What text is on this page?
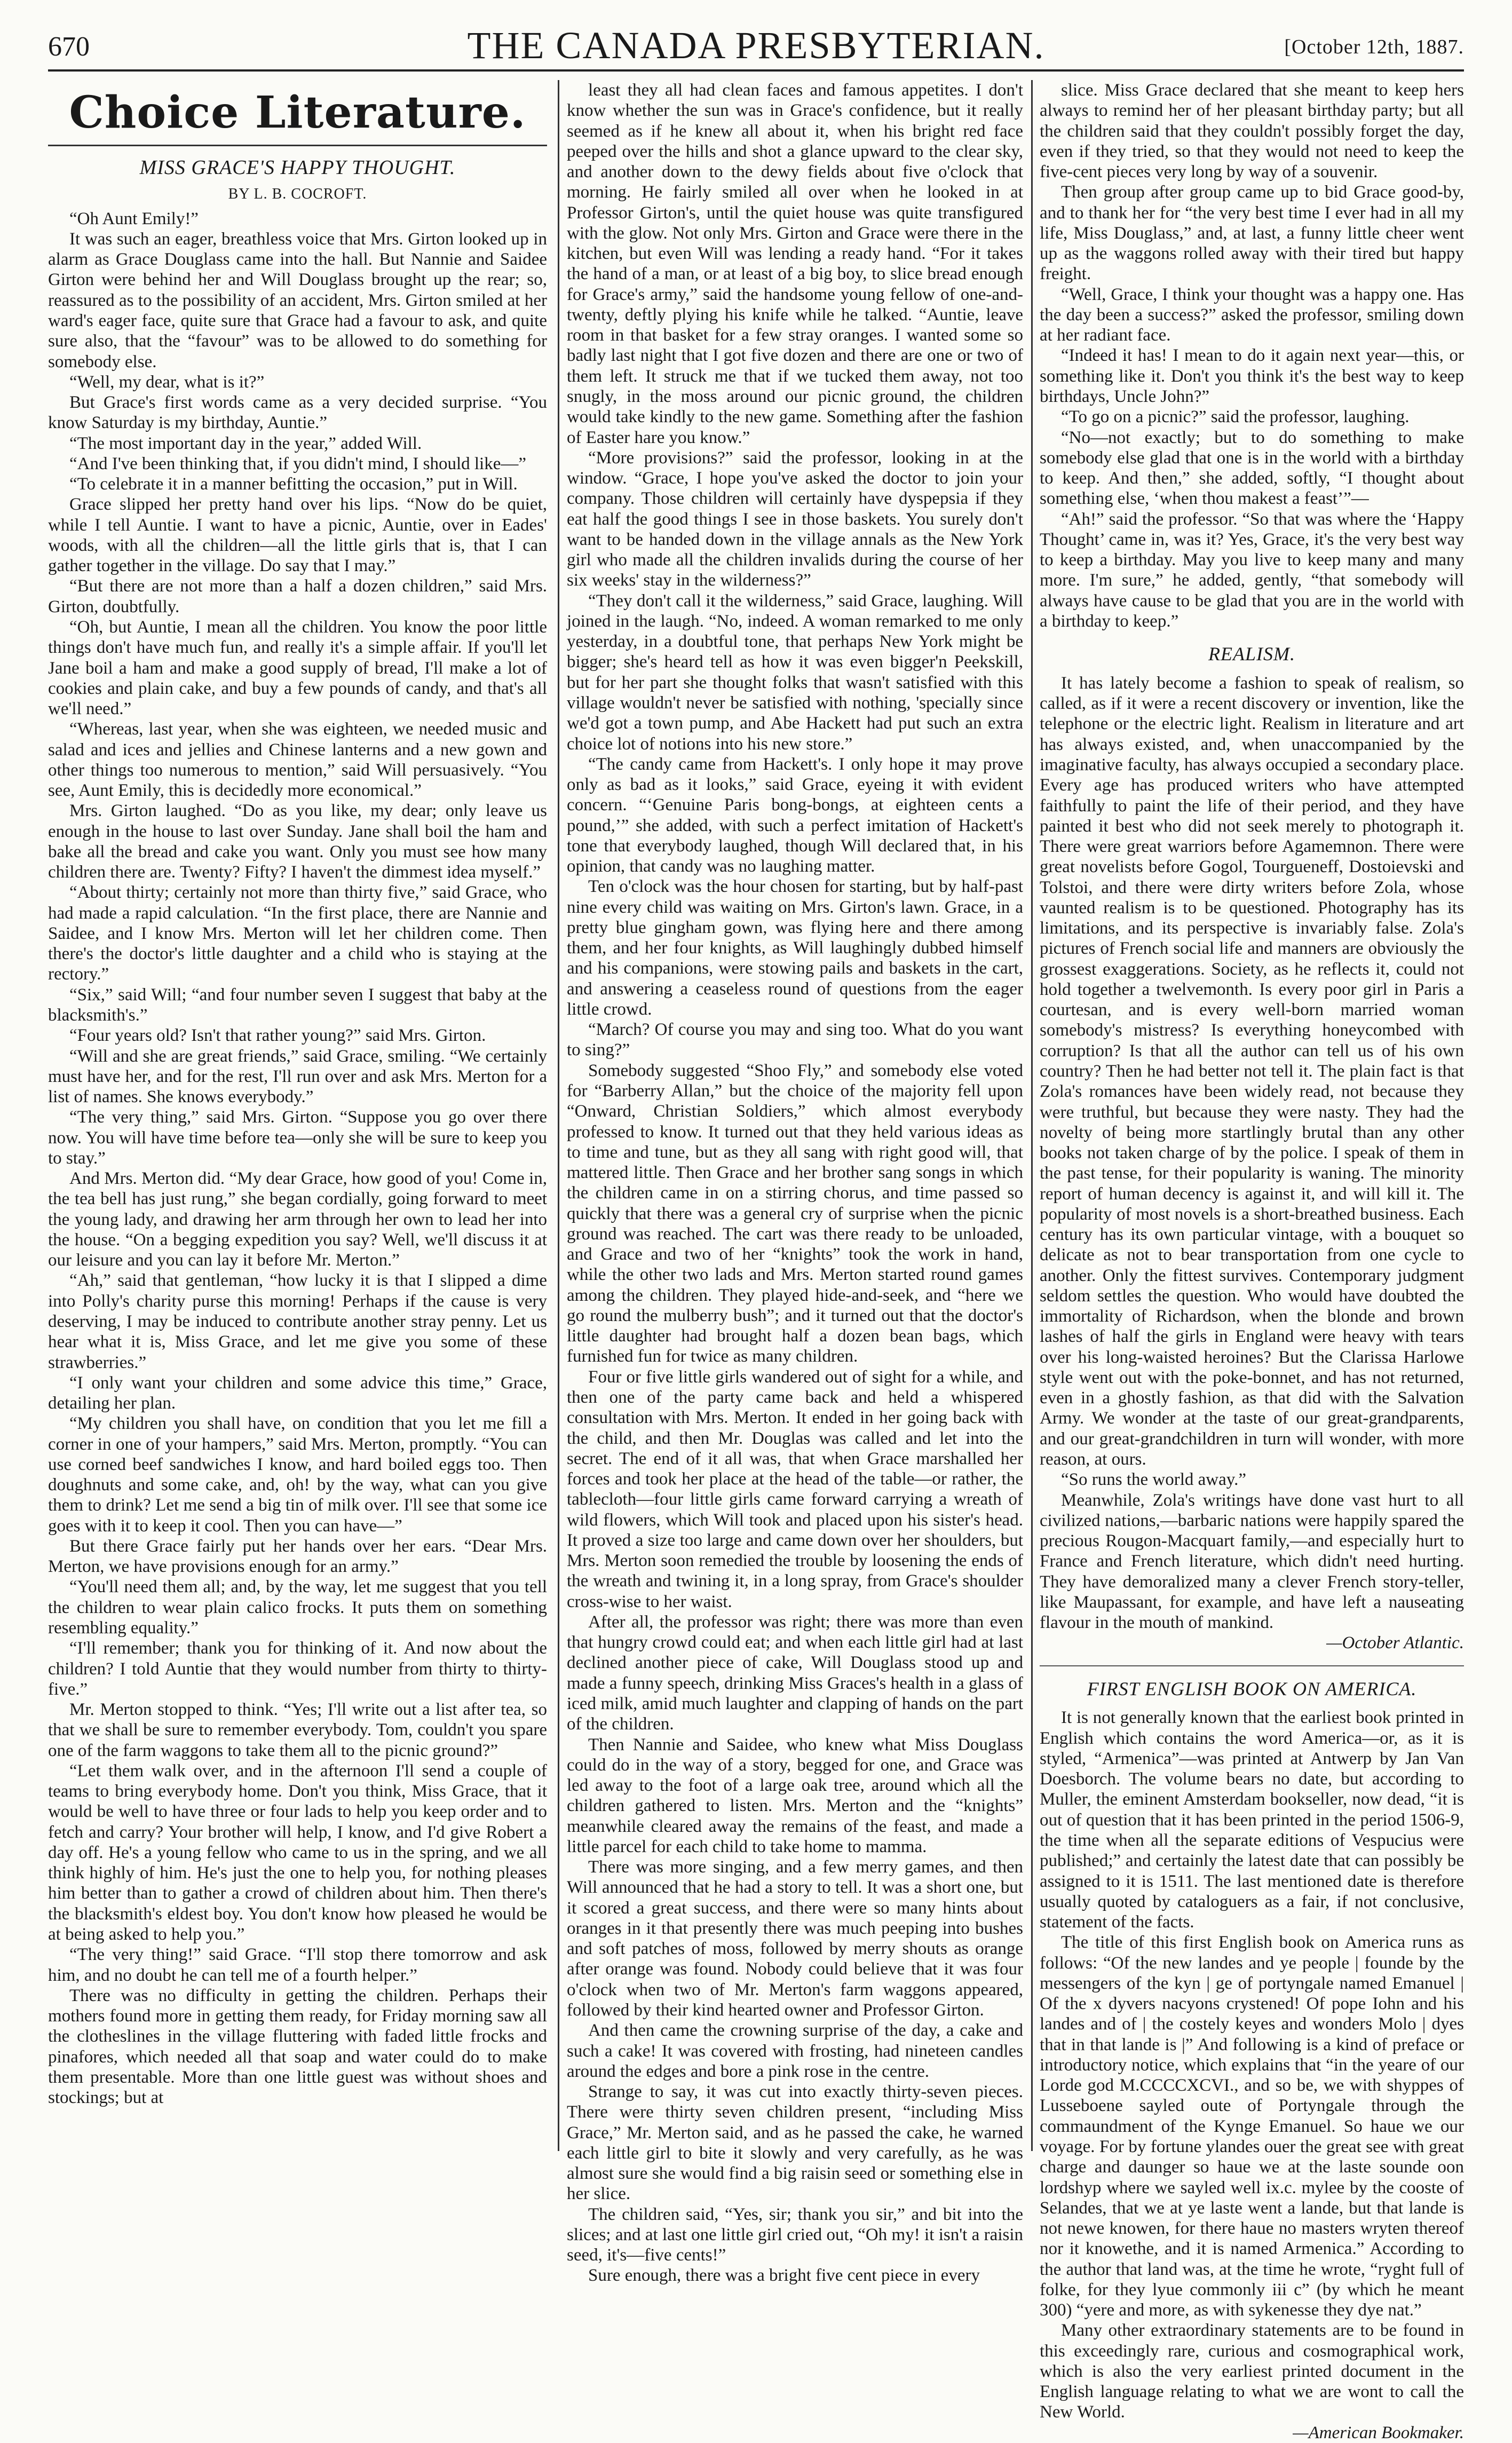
670	THE CANADA PRESBYTERIAN.	[October 12th, 1887.
Choice Literature.
MISS GRACE'S HAPPY THOUGHT.
BY L. B. COCROFT.

“Oh Aunt Emily!”

It was such an eager, breathless voice that Mrs. Girton looked up in alarm as Grace Douglass came into the hall. But Nannie and Saidee Girton were behind her and Will Douglass brought up the rear; so, reassured as to the possibility of an accident, Mrs. Girton smiled at her ward's eager face, quite sure that Grace had a favour to ask, and quite sure also, that the “favour” was to be allowed to do something for somebody else.

“Well, my dear, what is it?”

But Grace's first words came as a very decided surprise. “You know Saturday is my birthday, Auntie.”

“The most important day in the year,” added Will.

“And I've been thinking that, if you didn't mind, I should like—”

“To celebrate it in a manner befitting the occasion,” put in Will.

Grace slipped her pretty hand over his lips. “Now do be quiet, while I tell Auntie. I want to have a picnic, Auntie, over in Eades' woods, with all the children—all the little girls that is, that I can gather together in the village. Do say that I may.”

“But there are not more than a half a dozen children,” said Mrs. Girton, doubtfully.

“Oh, but Auntie, I mean all the children. You know the poor little things don't have much fun, and really it's a simple affair. If you'll let Jane boil a ham and make a good supply of bread, I'll make a lot of cookies and plain cake, and buy a few pounds of candy, and that's all we'll need.”

“Whereas, last year, when she was eighteen, we needed music and salad and ices and jellies and Chinese lanterns and a new gown and other things too numerous to mention,” said Will persuasively. “You see, Aunt Emily, this is decidedly more economical.”

Mrs. Girton laughed. “Do as you like, my dear; only leave us enough in the house to last over Sunday. Jane shall boil the ham and bake all the bread and cake you want. Only you must see how many children there are. Twenty? Fifty? I haven't the dimmest idea myself.”

“About thirty; certainly not more than thirty five,” said Grace, who had made a rapid calculation. “In the first place, there are Nannie and Saidee, and I know Mrs. Merton will let her children come. Then there's the doctor's little daughter and a child who is staying at the rectory.”

“Six,” said Will; “and four number seven I suggest that baby at the blacksmith's.”

“Four years old? Isn't that rather young?” said Mrs. Girton.

“Will and she are great friends,” said Grace, smiling. “We certainly must have her, and for the rest, I'll run over and ask Mrs. Merton for a list of names. She knows everybody.”

“The very thing,” said Mrs. Girton. “Suppose you go over there now. You will have time before tea—only she will be sure to keep you to stay.”

And Mrs. Merton did. “My dear Grace, how good of you! Come in, the tea bell has just rung,” she began cordially, going forward to meet the young lady, and drawing her arm through her own to lead her into the house. “On a begging expedition you say? Well, we'll discuss it at our leisure and you can lay it before Mr. Merton.”

“Ah,” said that gentleman, “how lucky it is that I slipped a dime into Polly's charity purse this morning! Perhaps if the cause is very deserving, I may be induced to contribute another stray penny. Let us hear what it is, Miss Grace, and let me give you some of these strawberries.”

“I only want your children and some advice this time,” Grace, detailing her plan.

“My children you shall have, on condition that you let me fill a corner in one of your hampers,” said Mrs. Merton, promptly. “You can use corned beef sandwiches I know, and hard boiled eggs too. Then doughnuts and some cake, and, oh! by the way, what can you give them to drink? Let me send a big tin of milk over. I'll see that some ice goes with it to keep it cool. Then you can have—”

But there Grace fairly put her hands over her ears. “Dear Mrs. Merton, we have provisions enough for an army.”

“You'll need them all; and, by the way, let me suggest that you tell the children to wear plain calico frocks. It puts them on something resembling equality.”

“I'll remember; thank you for thinking of it. And now about the children? I told Auntie that they would number from thirty to thirty-five.”

Mr. Merton stopped to think. “Yes; I'll write out a list after tea, so that we shall be sure to remember everybody. Tom, couldn't you spare one of the farm waggons to take them all to the picnic ground?”

“Let them walk over, and in the afternoon I'll send a couple of teams to bring everybody home. Don't you think, Miss Grace, that it would be well to have three or four lads to help you keep order and to fetch and carry? Your brother will help, I know, and I'd give Robert a day off. He's a young fellow who came to us in the spring, and we all think highly of him. He's just the one to help you, for nothing pleases him better than to gather a crowd of children about him. Then there's the blacksmith's eldest boy. You don't know how pleased he would be at being asked to help you.”

“The very thing!” said Grace. “I'll stop there tomorrow and ask him, and no doubt he can tell me of a fourth helper.”

There was no difficulty in getting the children. Perhaps their mothers found more in getting them ready, for Friday morning saw all the clotheslines in the village fluttering with faded little frocks and pinafores, which needed all that soap and water could do to make them presentable. More than one little guest was without shoes and stockings; but at

least they all had clean faces and famous appetites. I don't know whether the sun was in Grace's confidence, but it really seemed as if he knew all about it, when his bright red face peeped over the hills and shot a glance upward to the clear sky, and another down to the dewy fields about five o'clock that morning. He fairly smiled all over when he looked in at Professor Girton's, until the quiet house was quite transfigured with the glow. Not only Mrs. Girton and Grace were there in the kitchen, but even Will was lending a ready hand. “For it takes the hand of a man, or at least of a big boy, to slice bread enough for Grace's army,” said the handsome young fellow of one-and-twenty, deftly plying his knife while he talked. “Auntie, leave room in that basket for a few stray oranges. I wanted some so badly last night that I got five dozen and there are one or two of them left. It struck me that if we tucked them away, not too snugly, in the moss around our picnic ground, the children would take kindly to the new game. Something after the fashion of Easter hare you know.”

“More provisions?” said the professor, looking in at the window. “Grace, I hope you've asked the doctor to join your company. Those children will certainly have dyspepsia if they eat half the good things I see in those baskets. You surely don't want to be handed down in the village annals as the New York girl who made all the children invalids during the course of her six weeks' stay in the wilderness?”

“They don't call it the wilderness,” said Grace, laughing. Will joined in the laugh. “No, indeed. A woman remarked to me only yesterday, in a doubtful tone, that perhaps New York might be bigger; she's heard tell as how it was even bigger'n Peekskill, but for her part she thought folks that wasn't satisfied with this village wouldn't never be satisfied with nothing, 'specially since we'd got a town pump, and Abe Hackett had put such an extra choice lot of notions into his new store.”

“The candy came from Hackett's. I only hope it may prove only as bad as it looks,” said Grace, eyeing it with evident concern. “‘Genuine Paris bong-bongs, at eighteen cents a pound,’” she added, with such a perfect imitation of Hackett's tone that everybody laughed, though Will declared that, in his opinion, that candy was no laughing matter.

Ten o'clock was the hour chosen for starting, but by half-past nine every child was waiting on Mrs. Girton's lawn. Grace, in a pretty blue gingham gown, was flying here and there among them, and her four knights, as Will laughingly dubbed himself and his companions, were stowing pails and baskets in the cart, and answering a ceaseless round of questions from the eager little crowd.

“March? Of course you may and sing too. What do you want to sing?”

Somebody suggested “Shoo Fly,” and somebody else voted for “Barberry Allan,” but the choice of the majority fell upon “Onward, Christian Soldiers,” which almost everybody professed to know. It turned out that they held various ideas as to time and tune, but as they all sang with right good will, that mattered little. Then Grace and her brother sang songs in which the children came in on a stirring chorus, and time passed so quickly that there was a general cry of surprise when the picnic ground was reached. The cart was there ready to be unloaded, and Grace and two of her “knights” took the work in hand, while the other two lads and Mrs. Merton started round games among the children. They played hide-and-seek, and “here we go round the mulberry bush”; and it turned out that the doctor's little daughter had brought half a dozen bean bags, which furnished fun for twice as many children.

Four or five little girls wandered out of sight for a while, and then one of the party came back and held a whispered consultation with Mrs. Merton. It ended in her going back with the child, and then Mr. Douglas was called and let into the secret. The end of it all was, that when Grace marshalled her forces and took her place at the head of the table—or rather, the tablecloth—four little girls came forward carrying a wreath of wild flowers, which Will took and placed upon his sister's head. It proved a size too large and came down over her shoulders, but Mrs. Merton soon remedied the trouble by loosening the ends of the wreath and twining it, in a long spray, from Grace's shoulder cross-wise to her waist.

After all, the professor was right; there was more than even that hungry crowd could eat; and when each little girl had at last declined another piece of cake, Will Douglass stood up and made a funny speech, drinking Miss Graces's health in a glass of iced milk, amid much laughter and clapping of hands on the part of the children.

Then Nannie and Saidee, who knew what Miss Douglass could do in the way of a story, begged for one, and Grace was led away to the foot of a large oak tree, around which all the children gathered to listen. Mrs. Merton and the “knights” meanwhile cleared away the remains of the feast, and made a little parcel for each child to take home to mamma.

There was more singing, and a few merry games, and then Will announced that he had a story to tell. It was a short one, but it scored a great success, and there were so many hints about oranges in it that presently there was much peeping into bushes and soft patches of moss, followed by merry shouts as orange after orange was found. Nobody could believe that it was four o'clock when two of Mr. Merton's farm waggons appeared, followed by their kind hearted owner and Professor Girton.

And then came the crowning surprise of the day, a cake and such a cake! It was covered with frosting, had nineteen candles around the edges and bore a pink rose in the centre.

Strange to say, it was cut into exactly thirty-seven pieces. There were thirty seven children present, “including Miss Grace,” Mr. Merton said, and as he passed the cake, he warned each little girl to bite it slowly and very carefully, as he was almost sure she would find a big raisin seed or something else in her slice.

The children said, “Yes, sir; thank you sir,” and bit into the slices; and at last one little girl cried out, “Oh my! it isn't a raisin seed, it's—five cents!”

Sure enough, there was a bright five cent piece in every

slice. Miss Grace declared that she meant to keep hers always to remind her of her pleasant birthday party; but all the children said that they couldn't possibly forget the day, even if they tried, so that they would not need to keep the five-cent pieces very long by way of a souvenir.

Then group after group came up to bid Grace good-by, and to thank her for “the very best time I ever had in all my life, Miss Douglass,” and, at last, a funny little cheer went up as the waggons rolled away with their tired but happy freight.

“Well, Grace, I think your thought was a happy one. Has the day been a success?” asked the professor, smiling down at her radiant face.

“Indeed it has! I mean to do it again next year—this, or something like it. Don't you think it's the best way to keep birthdays, Uncle John?”

“To go on a picnic?” said the professor, laughing.

“No—not exactly; but to do something to make somebody else glad that one is in the world with a birthday to keep. And then,” she added, softly, “I thought about something else, ‘when thou makest a feast’”—

“Ah!” said the professor. “So that was where the ‘Happy Thought’ came in, was it? Yes, Grace, it's the very best way to keep a birthday. May you live to keep many and many more. I'm sure,” he added, gently, “that somebody will always have cause to be glad that you are in the world with a birthday to keep.”

REALISM.

It has lately become a fashion to speak of realism, so called, as if it were a recent discovery or invention, like the telephone or the electric light. Realism in literature and art has always existed, and, when unaccompanied by the imaginative faculty, has always occupied a secondary place. Every age has produced writers who have attempted faithfully to paint the life of their period, and they have painted it best who did not seek merely to photograph it. There were great warriors before Agamemnon. There were great novelists before Gogol, Tourgueneff, Dostoievski and Tolstoi, and there were dirty writers before Zola, whose vaunted realism is to be questioned. Photography has its limitations, and its perspective is invariably false. Zola's pictures of French social life and manners are obviously the grossest exaggerations. Society, as he reflects it, could not hold together a twelvemonth. Is every poor girl in Paris a courtesan, and is every well-born married woman somebody's mistress? Is everything honeycombed with corruption? Is that all the author can tell us of his own country? Then he had better not tell it. The plain fact is that Zola's romances have been widely read, not because they were truthful, but because they were nasty. They had the novelty of being more startlingly brutal than any other books not taken charge of by the police. I speak of them in the past tense, for their popularity is waning. The minority report of human decency is against it, and will kill it. The popularity of most novels is a short-breathed business. Each century has its own particular vintage, with a bouquet so delicate as not to bear transportation from one cycle to another. Only the fittest survives. Contemporary judgment seldom settles the question. Who would have doubted the immortality of Richardson, when the blonde and brown lashes of half the girls in England were heavy with tears over his long-waisted heroines? But the Clarissa Harlowe style went out with the poke-bonnet, and has not returned, even in a ghostly fashion, as that did with the Salvation Army. We wonder at the taste of our great-grandparents, and our great-grandchildren in turn will wonder, with more reason, at ours.

“So runs the world away.”

Meanwhile, Zola's writings have done vast hurt to all civilized nations,—barbaric nations were happily spared the precious Rougon-Macquart family,—and especially hurt to France and French literature, which didn't need hurting. They have demoralized many a clever French story-teller, like Maupassant, for example, and have left a nauseating flavour in the mouth of mankind.

—October Atlantic.

FIRST ENGLISH BOOK ON AMERICA.

It is not generally known that the earliest book printed in English which contains the word America—or, as it is styled, “Armenica”—was printed at Antwerp by Jan Van Doesborch. The volume bears no date, but according to Muller, the eminent Amsterdam bookseller, now dead, “it is out of question that it has been printed in the period 1506-9, the time when all the separate editions of Vespucius were published;” and certainly the latest date that can possibly be assigned to it is 1511. The last mentioned date is therefore usually quoted by cataloguers as a fair, if not conclusive, statement of the facts.

The title of this first English book on America runs as follows: “Of the new landes and ye people | founde by the messengers of the kyn | ge of portyngale named Emanuel | Of the x dyvers nacyons crystened! Of pope Iohn and his landes and of | the costely keyes and wonders Molo | dyes that in that lande is |” And following is a kind of preface or introductory notice, which explains that “in the yeare of our Lorde god M.CCCCXCVI., and so be, we with shyppes of Lusseboene sayled oute of Portyngale through the commaundment of the Kynge Emanuel. So haue we our voyage. For by fortune ylandes ouer the great see with great charge and daunger so haue we at the laste sounde oon lordshyp where we sayled well ix.c. mylee by the cooste of Selandes, that we at ye laste went a lande, but that lande is not newe knowen, for there haue no masters wryten thereof nor it knowethe, and it is named Armenica.” According to the author that land was, at the time he wrote, “ryght full of folke, for they lyue commonly iii c” (by which he meant 300) “yere and more, as with sykenesse they dye nat.”

Many other extraordinary statements are to be found in this exceedingly rare, curious and cosmographical work, which is also the very earliest printed document in the English language relating to what we are wont to call the New World.

—American Bookmaker.
